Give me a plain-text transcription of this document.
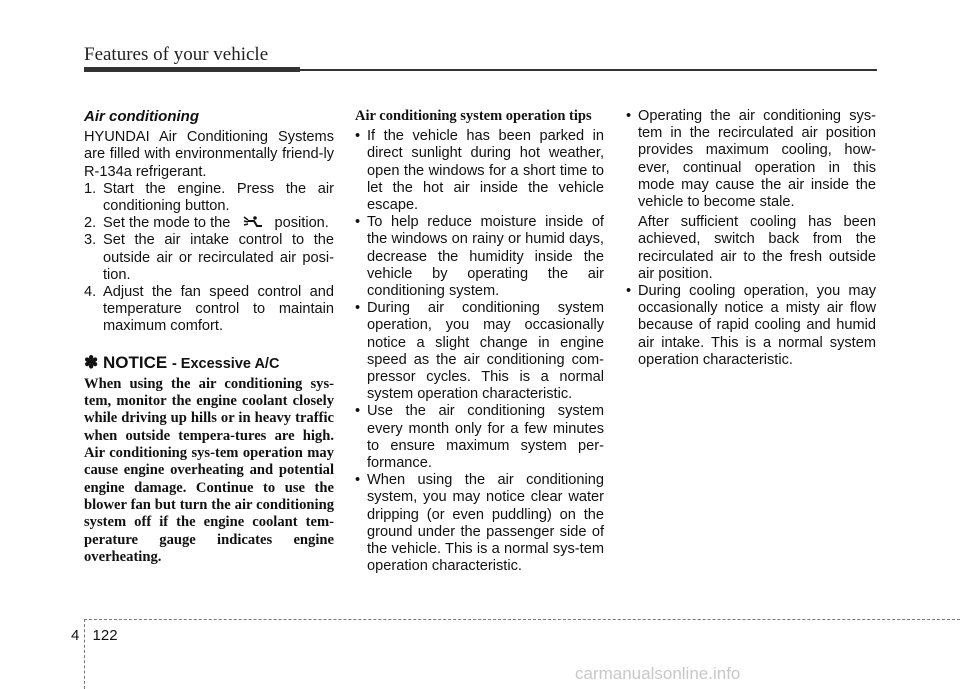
Features of your vehicle
Air conditioning

HYUNDAI Air Conditioning Systems are filled with environmentally friend-ly R-134a refrigerant.

1. Start the engine. Press the air conditioning button.
2. Set the mode to the	position.
3. Set the air intake control to the outside air or recirculated air posi-tion.
4. Adjust the fan speed control and temperature control to maintain maximum comfort.
✽ NOTICE - Excessive A/C
When using the air conditioning sys-tem, monitor the engine coolant closely while driving up hills or in heavy traffic when outside tempera-tures are high. Air conditioning sys-tem operation may cause engine overheating and potential engine damage. Continue to use the blower fan but turn the air conditioning system off if the engine coolant tem-perature gauge indicates engine overheating.
Air conditioning system operation tips
• If the vehicle has been parked in direct sunlight during hot weather, open the windows for a short time to let the hot air inside the vehicle escape.
• To help reduce moisture inside of the windows on rainy or humid days, decrease the humidity inside the vehicle by operating the air conditioning system.
• During air conditioning system operation, you may occasionally notice a slight change in engine speed as the air conditioning com-pressor cycles. This is a normal system operation characteristic.
• Use the air conditioning system every month only for a few minutes to ensure maximum system per-formance.
• When using the air conditioning system, you may notice clear water dripping (or even puddling) on the ground under the passenger side of the vehicle. This is a normal sys-tem operation characteristic.
• Operating the air conditioning sys-tem in the recirculated air position provides maximum cooling, how-ever, continual operation in this mode may cause the air inside the vehicle to become stale.
After sufficient cooling has been achieved, switch back from the recirculated air to the fresh outside air position.
• During cooling operation, you may occasionally notice a misty air flow because of rapid cooling and humid air intake. This is a normal system operation characteristic.
4 122
carmanualsonline.info
